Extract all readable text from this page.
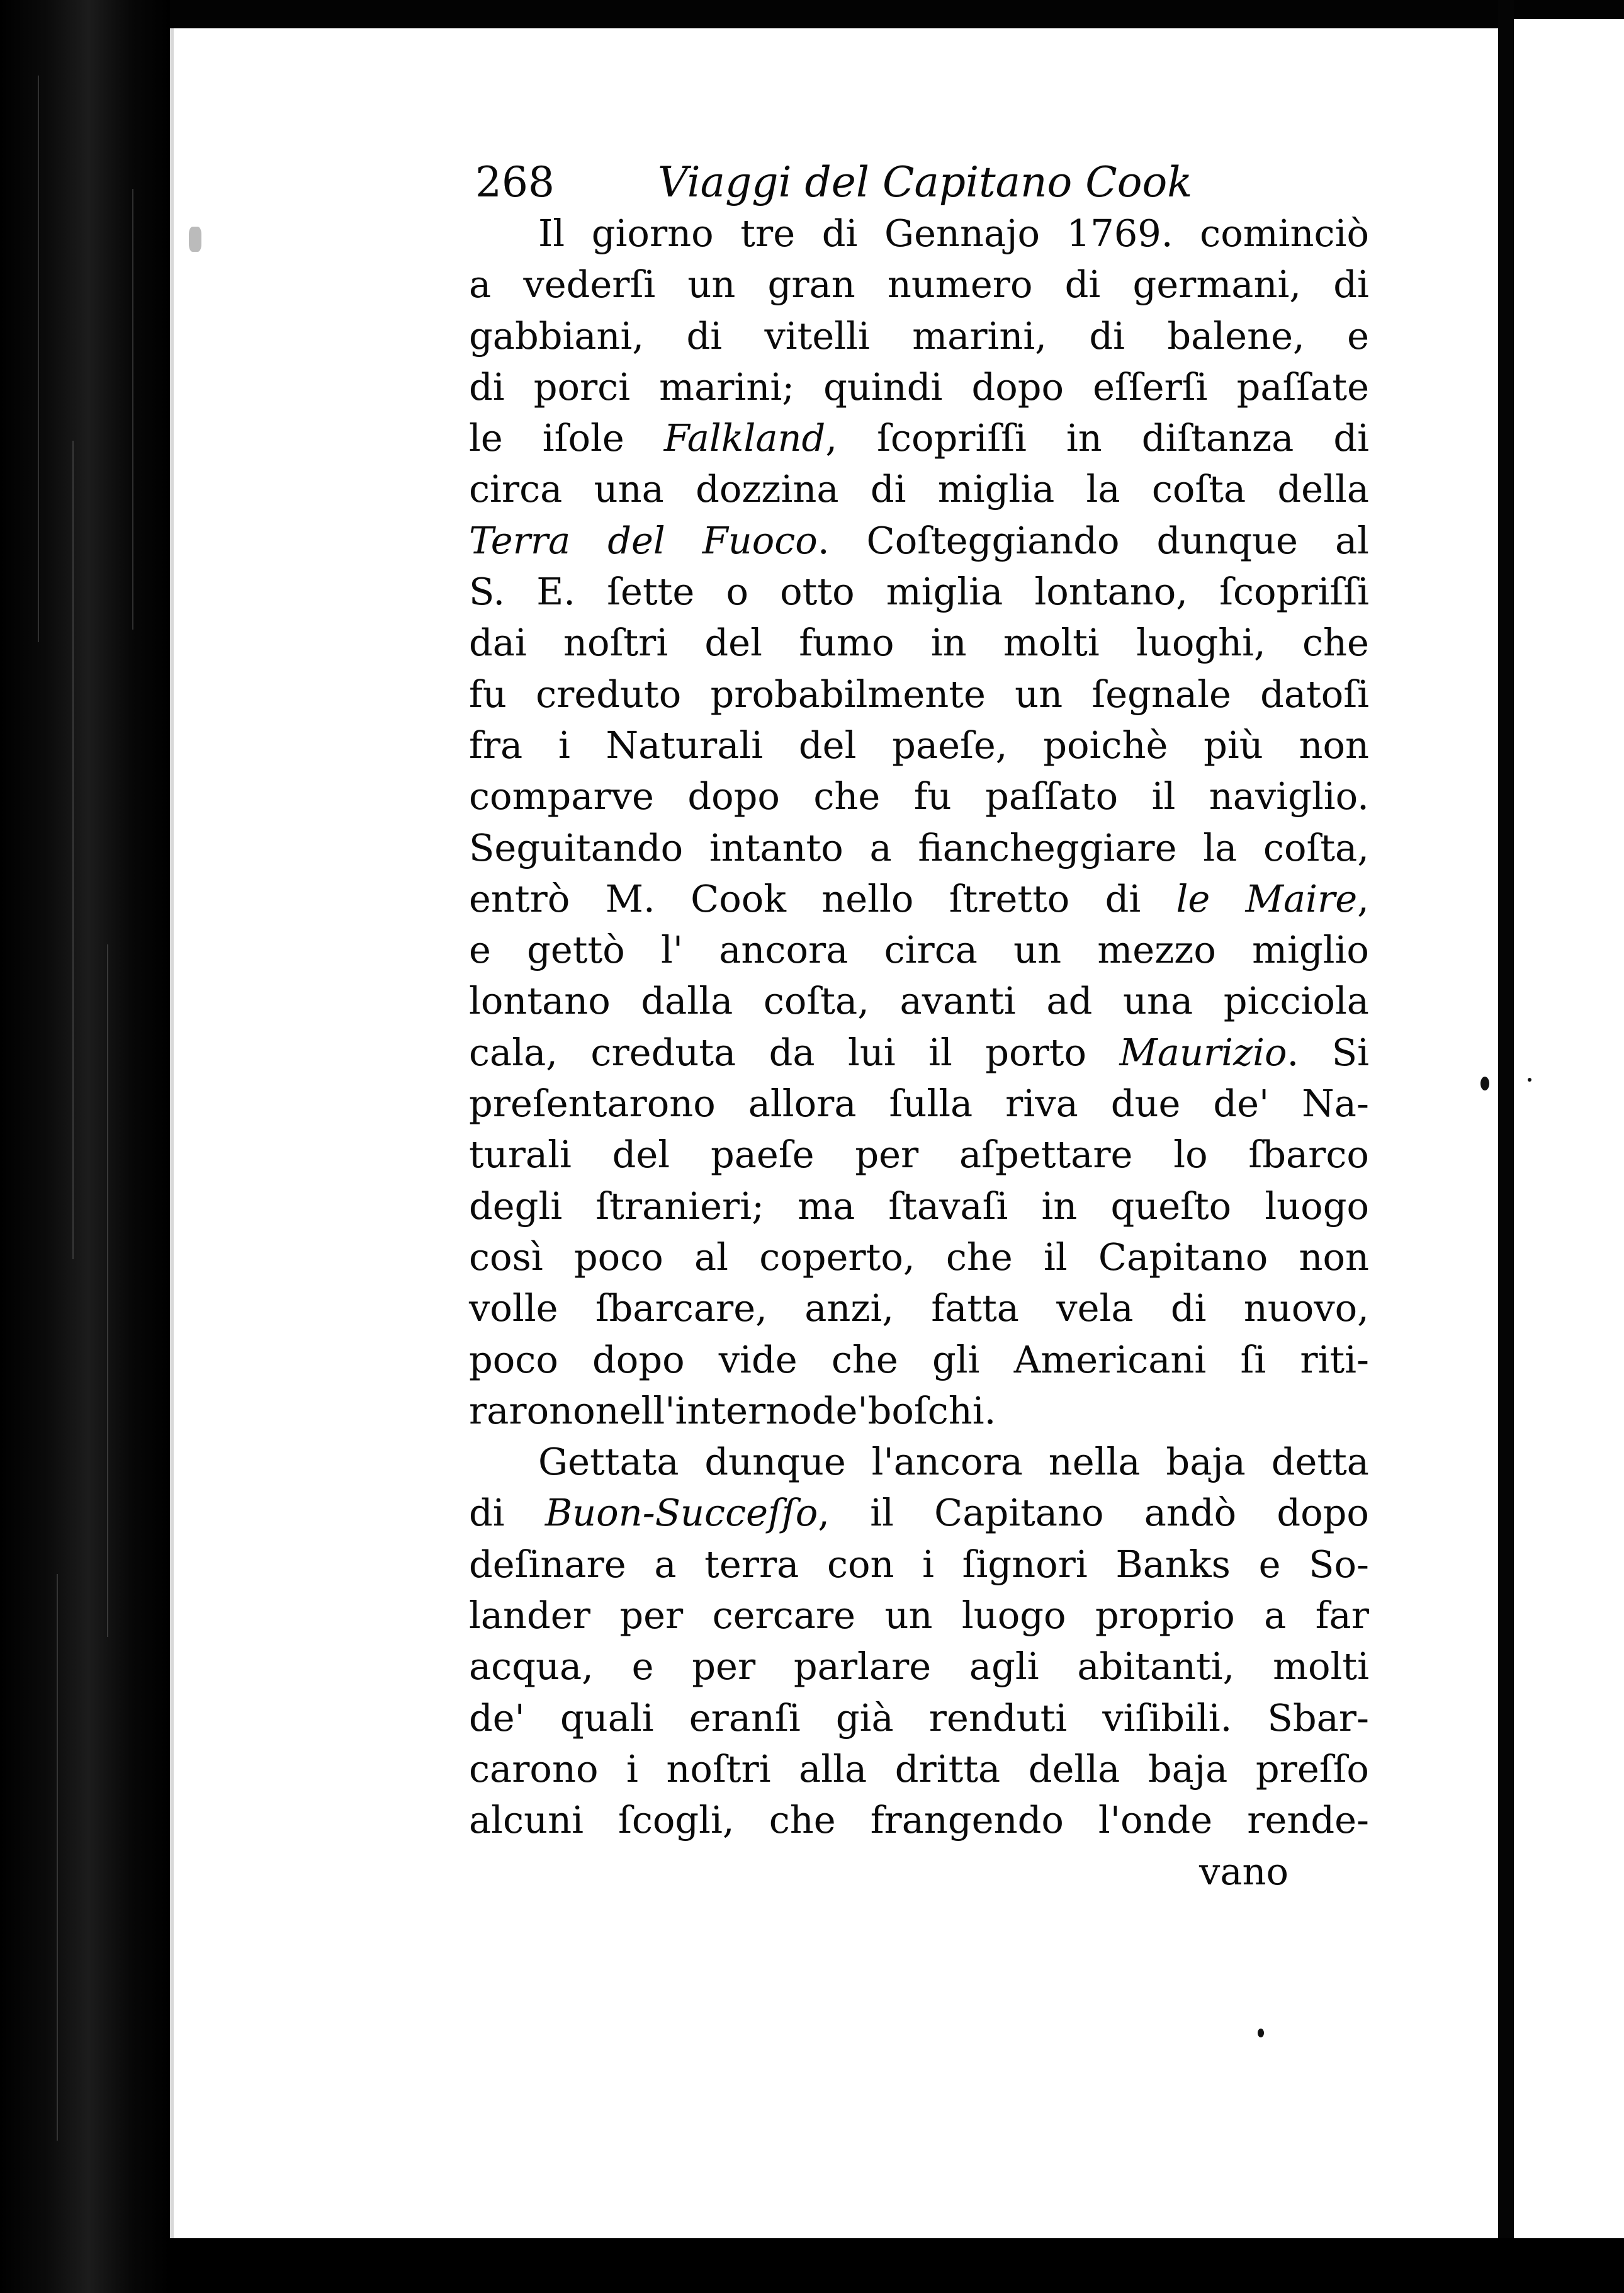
268 Viaggi del Capitano Cook
Il giorno tre di Gennajo 1769. cominciò
a vederſi un gran numero di germani, di
gabbiani, di vitelli marini, di balene, e
di porci marini; quindi dopo eſſerſi paſſate
le iſole Falkland, ſcopriſſi in diſtanza di
circa una dozzina di miglia la coſta della
Terra del Fuoco. Coſteggiando dunque al
S. E. ſette o otto miglia lontano, ſcopriſſi
dai noſtri del fumo in molti luoghi, che
fu creduto probabilmente un ſegnale datoſi
fra i Naturali del paeſe, poichè più non
comparve dopo che fu paſſato il naviglio.
Seguitando intanto a fiancheggiare la coſta,
entrò M. Cook nello ſtretto di le Maire,
e gettò l' ancora circa un mezzo miglio
lontano dalla coſta, avanti ad una picciola
cala, creduta da lui il porto Maurizio. Si
preſentarono allora ſulla riva due de' Na-
turali del paeſe per aſpettare lo ſbarco
degli ſtranieri; ma ſtavaſi in queſto luogo
così poco al coperto, che il Capitano non
volle ſbarcare, anzi, fatta vela di nuovo,
poco dopo vide che gli Americani ſi riti-
rarono nell' interno de' boſchi.
Gettata dunque l'ancora nella baja detta
di Buon-Succeſſo, il Capitano andò dopo
deſinare a terra con i ſignori Banks e So-
lander per cercare un luogo proprio a far
acqua, e per parlare agli abitanti, molti
de' quali eranſi già renduti viſibili. Sbar-
carono i noſtri alla dritta della baja preſſo
alcuni ſcogli, che frangendo l'onde rende-
vano
